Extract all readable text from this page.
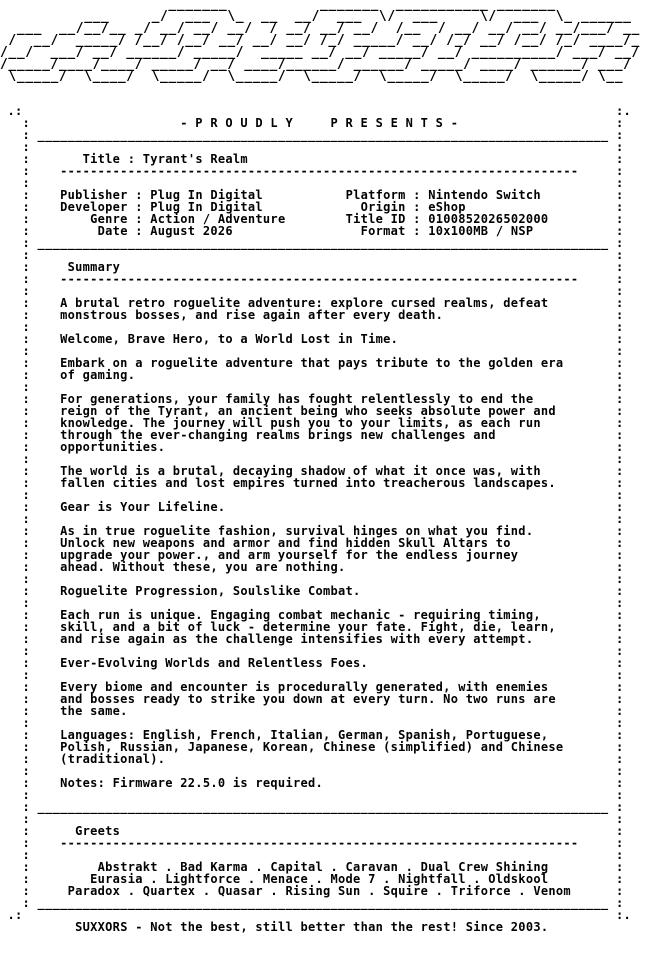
_______           _______  ___________ _______
___     _/  ___  \_  __  __/  ___  \/  ___     \/  ___  \_ ______
___  __/__/__ _/ __/ __/ __/  / __/ __/ __/  /__  / __/ __/ __/ __/___/ __
/  __/  _____/ /__/ /__/ __/ __/ __/ /_/ _____/ __/ /_/ __/ /__/ /_/ ____/_
/__/  ___/ __/ ______/ _____/  _____ __/ __/ _____/ __/ __________/ ___/ __/
/_____/____/____/ _____/ __/ ____/______/ ______/ _____/ ____/ ______/ ___/
\_____/  \____/  \_____/  \_____/  \_____/  \_____/  \_____/  \_____/ \__
.:                                                                               :.
:	- P R O U D L Y     P R E S E N T S -                     :
: ____________________________________________________________________________ :
:                                                                              :
:	Title : Tyrant's Realm                                                 :
:    ---------------------------------------------------------------------     :
:                                                                              :
:	Publisher : Plug In Digital	Platform : Nintendo Switch          :
:	Developer : Plug In Digital	Origin : eShop                    :
:	Genre : Action / Adventure	Title ID : 0100852026502000         :
:	Date : August 2026	Format : 10x100MB / NSP           :
: ____________________________________________________________________________ :
:                                                                              :
:	Summary                                                                  :
:    ---------------------------------------------------------------------     :
:                                                                              :
:	A brutal retro roguelite adventure: explore cursed realms, defeat         :
:	monstrous bosses, and rise again after every death.                       :
:                                                                              :
:	Welcome, Brave Hero, to a World Lost in Time.                             :
:                                                                              :
:	Embark on a roguelite adventure that pays tribute to the golden era       :
:	of gaming.                                                                :
:                                                                              :
:	For generations, your family has fought relentlessly to end the           :
:	reign of the Tyrant, an ancient being who seeks absolute power and        :
:	knowledge. The journey will push you to your limits, as each run          :
:	through the ever-changing realms brings new challenges and                :
:	opportunities.                                                            :
:                                                                              :
:	The world is a brutal, decaying shadow of what it once was, with          :
:	fallen cities and lost empires turned into treacherous landscapes.        :
:                                                                              :
:	Gear is Your Lifeline.                                                    :
:                                                                              :
:	As in true roguelite fashion, survival hinges on what you find.           :
:	Unlock new weapons and armor and find hidden Skull Altars to              :
:	upgrade your power., and arm yourself for the endless journey             :
:	ahead. Without these, you are nothing.                                    :
:                                                                              :
:	Roguelite Progression, Soulslike Combat.                                  :
:                                                                              :
:	Each run is unique. Engaging combat mechanic - requiring timing,          :
:	skill, and a bit of luck - determine your fate. Fight, die, learn,        :
:	and rise again as the challenge intensifies with every attempt.           :
:                                                                              :
:	Ever-Evolving Worlds and Relentless Foes.                                 :
:                                                                              :
:	Every biome and encounter is procedurally generated, with enemies         :
:	and bosses ready to strike you down at every turn. No two runs are        :
:	the same.                                                                 :
:                                                                              :
:	Languages: English, French, Italian, German, Spanish, Portuguese,         :
:	Polish, Russian, Japanese, Korean, Chinese (simplified) and Chinese       :
:	(traditional).                                                            :
:                                                                              :
:	Notes: Firmware 22.5.0 is required.                                       :
:                                                                              :
: ____________________________________________________________________________ :
:                                                                              :
:	Greets                                                                  :
:    ---------------------------------------------------------------------     :
:                                                                              :
:	Abstrakt . Bad Karma . Capital . Caravan . Dual Crew Shining         :
:	Eurasia . Lightforce . Menace . Mode 7 . Nightfall . Oldskool         :
:	Paradox . Quartex . Quasar . Rising Sun . Squire . Triforce . Venom      :
: ____________________________________________________________________________ :
.:                                                                               :.
SUXXORS - Not the best, still better than the rest! Since 2003.
